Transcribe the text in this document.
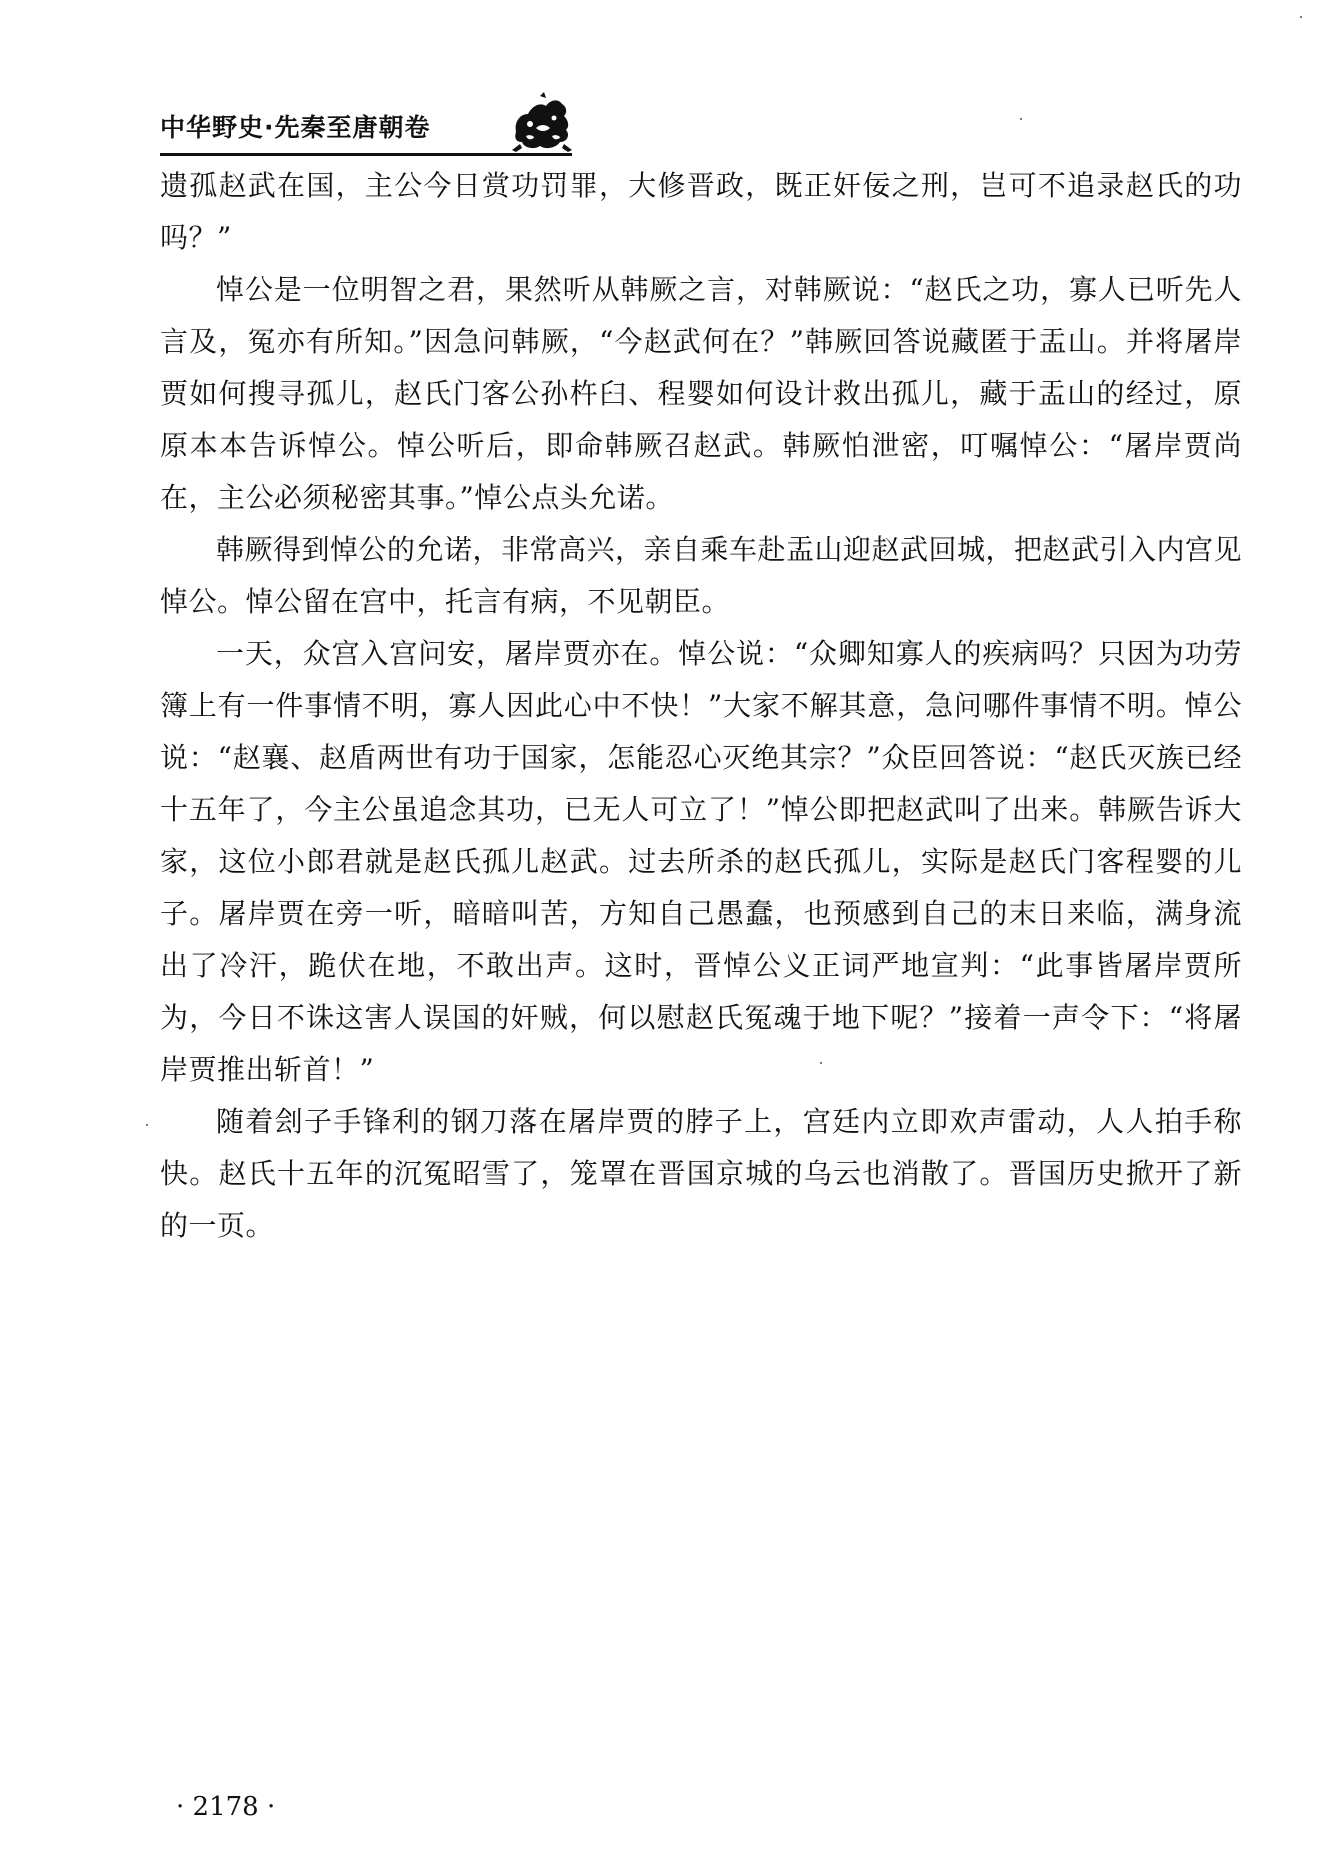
中华野史·先秦至唐朝卷

遗孤赵武在国，主公今日赏功罚罪，大修晋政，既正奸佞之刑，岂可不追录赵氏的功吗？”

悼公是一位明智之君，果然听从韩厥之言，对韩厥说：“赵氏之功，寡人已听先人言及，冤亦有所知。”因急问韩厥，“今赵武何在？”韩厥回答说藏匿于盂山。并将屠岸贾如何搜寻孤儿，赵氏门客公孙杵臼、程婴如何设计救出孤儿，藏于盂山的经过，原原本本告诉悼公。悼公听后，即命韩厥召赵武。韩厥怕泄密，叮嘱悼公：“屠岸贾尚在，主公必须秘密其事。”悼公点头允诺。

韩厥得到悼公的允诺，非常高兴，亲自乘车赴盂山迎赵武回城，把赵武引入内宫见悼公。悼公留在宫中，托言有病，不见朝臣。

一天，众宫入宫问安，屠岸贾亦在。悼公说：“众卿知寡人的疾病吗？只因为功劳簿上有一件事情不明，寡人因此心中不快！”大家不解其意，急问哪件事情不明。悼公说：“赵襄、赵盾两世有功于国家，怎能忍心灭绝其宗？”众臣回答说：“赵氏灭族已经十五年了，今主公虽追念其功，已无人可立了！”悼公即把赵武叫了出来。韩厥告诉大家，这位小郎君就是赵氏孤儿赵武。过去所杀的赵氏孤儿，实际是赵氏门客程婴的儿子。屠岸贾在旁一听，暗暗叫苦，方知自己愚蠢，也预感到自己的末日来临，满身流出了冷汗，跪伏在地，不敢出声。这时，晋悼公义正词严地宣判：“此事皆屠岸贾所为，今日不诛这害人误国的奸贼，何以慰赵氏冤魂于地下呢？”接着一声令下：“将屠岸贾推出斩首！”

随着刽子手锋利的钢刀落在屠岸贾的脖子上，宫廷内立即欢声雷动，人人拍手称快。赵氏十五年的沉冤昭雪了，笼罩在晋国京城的乌云也消散了。晋国历史掀开了新的一页。

· 2178 ·
